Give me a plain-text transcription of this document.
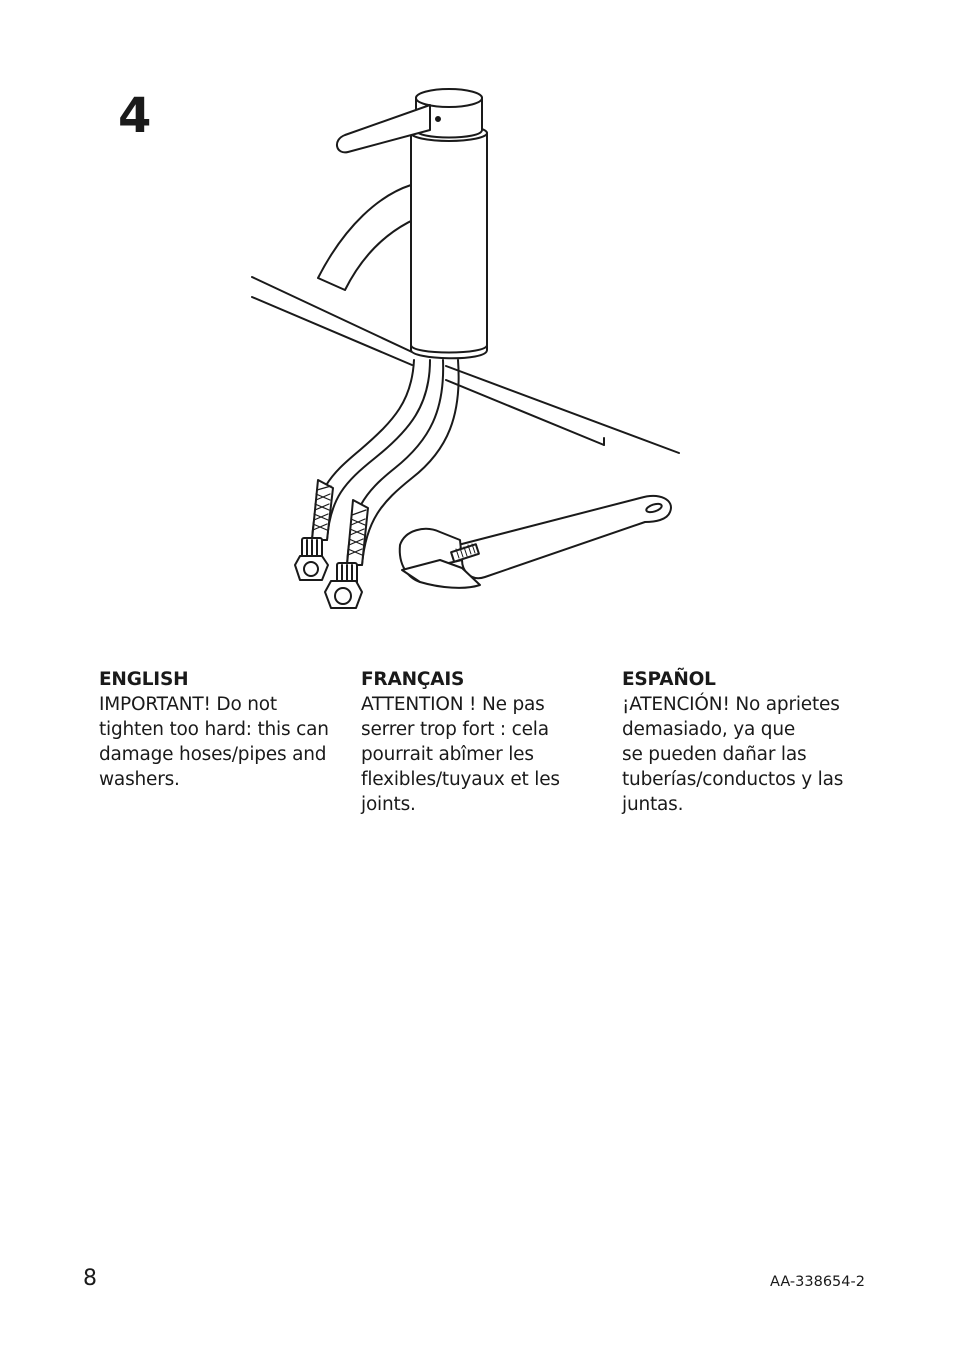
4
ENGLISH
IMPORTANT! Do not
tighten too hard: this can
damage hoses/pipes and
washers.
FRANÇAIS
ATTENTION ! Ne pas
serrer trop fort : cela
pourrait abîmer les
flexibles/tuyaux et les
joints.
ESPAÑOL
¡ATENCIÓN! No aprietes
demasiado, ya que
se pueden dañar las
tuberías/conductos y las
juntas.
8	AA-338654-2
